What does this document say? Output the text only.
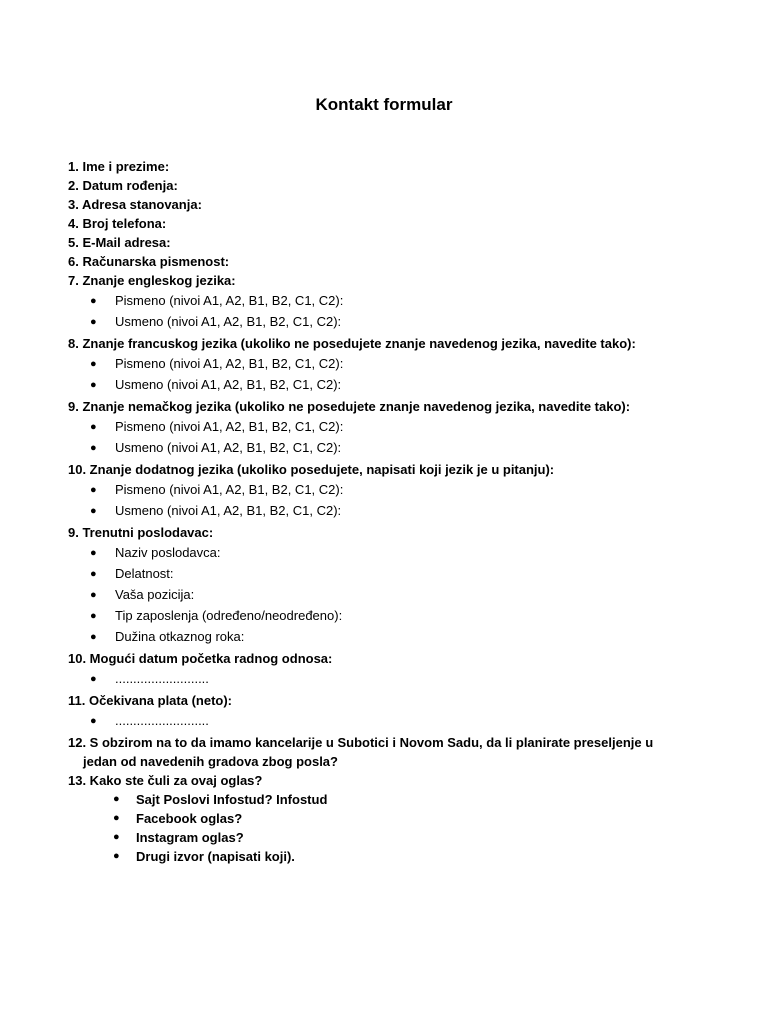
Kontakt formular
1. Ime i prezime:
2. Datum rođenja:
3. Adresa stanovanja:
4. Broj telefona:
5. E-Mail adresa:
6. Računarska pismenost:
7. Znanje engleskog jezika:
● Pismeno (nivoi A1, A2, B1, B2, C1, C2):
● Usmeno (nivoi A1, A2, B1, B2, C1, C2):
8. Znanje francuskog jezika (ukoliko ne posedujete znanje navedenog jezika, navedite tako):
● Pismeno (nivoi A1, A2, B1, B2, C1, C2):
● Usmeno (nivoi A1, A2, B1, B2, C1, C2):
9. Znanje nemačkog jezika (ukoliko ne posedujete znanje navedenog jezika, navedite tako):
● Pismeno (nivoi A1, A2, B1, B2, C1, C2):
● Usmeno (nivoi A1, A2, B1, B2, C1, C2):
10. Znanje dodatnog jezika (ukoliko posedujete, napisati koji jezik je u pitanju):
● Pismeno (nivoi A1, A2, B1, B2, C1, C2):
● Usmeno (nivoi A1, A2, B1, B2, C1, C2):
9. Trenutni poslodavac:
● Naziv poslodavca:
● Delatnost:
● Vaša pozicija:
● Tip zaposlenja (određeno/neodređeno):
● Dužina otkaznog roka:
10. Mogući datum početka radnog odnosa:
● ..........................
11. Očekivana plata (neto):
● ..........................
12. S obzirom na to da imamo kancelarije u Subotici i Novom Sadu, da li planirate preseljenje u
jedan od navedenih gradova zbog posla?
13. Kako ste čuli za ovaj oglas?
● Sajt Poslovi Infostud? Infostud
● Facebook oglas?
● Instagram oglas?
● Drugi izvor (napisati koji).
